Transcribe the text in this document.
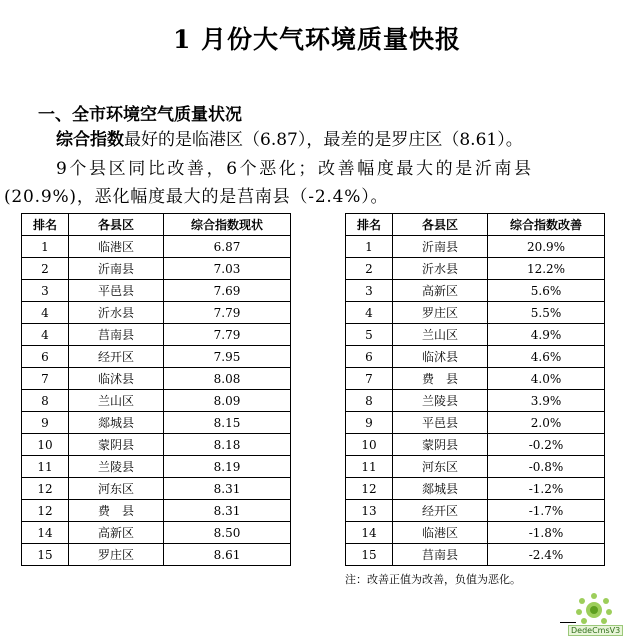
1 月份大气环境质量快报
一、全市环境空气质量状况
综合指数最好的是临港区（6.87），最差的是罗庄区（8.61）。
9个县区同比改善，6个恶化；改善幅度最大的是沂南县
(20.9%)，恶化幅度最大的是莒南县（-2.4%）。
排名	各县区	综合指数现状
1	临港区	6.87
2	沂南县	7.03
3	平邑县	7.69
4	沂水县	7.79
4	莒南县	7.79
6	经开区	7.95
7	临沭县	8.08
8	兰山区	8.09
9	郯城县	8.15
10	蒙阴县	8.18
11	兰陵县	8.19
12	河东区	8.31
12	费　县	8.31
14	高新区	8.50
15	罗庄区	8.61
排名	各县区	综合指数改善
1	沂南县	20.9%
2	沂水县	12.2%
3	高新区	5.6%
4	罗庄区	5.5%
5	兰山区	4.9%
6	临沭县	4.6%
7	费　县	4.0%
8	兰陵县	3.9%
9	平邑县	2.0%
10	蒙阴县	-0.2%
11	河东区	-0.8%
12	郯城县	-1.2%
13	经开区	-1.7%
14	临港区	-1.8%
15	莒南县	-2.4%
注：改善正值为改善，负值为恶化。
DedeCmsV3
